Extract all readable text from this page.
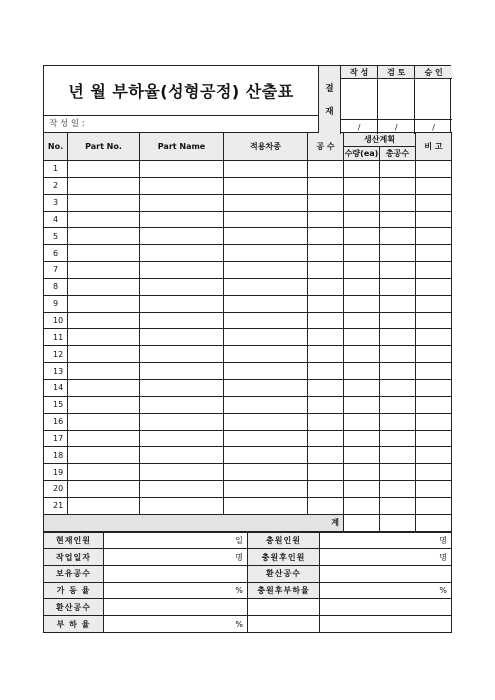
년 월 부하율(성형공정) 산출표
작 성 일 :
결
재
작 성	검 토	승 인

/	/	/
No.	Part No.	Part Name	적용차종	공 수	생산계획		비 고
					수량(ea)	총공수	
1							
2							
3							
4							
5							
6							
7							
8							
9							
10							
11							
12							
13							
14							
15							
16							
17							
18							
19							
20							
21							
계							
현재인원	일	충원인원	명
작업일자	명	충원후인원	명
보유공수		환산공수	
가 동 율	%	충원후부하율	%
환산공수			
부 하 율	%		
